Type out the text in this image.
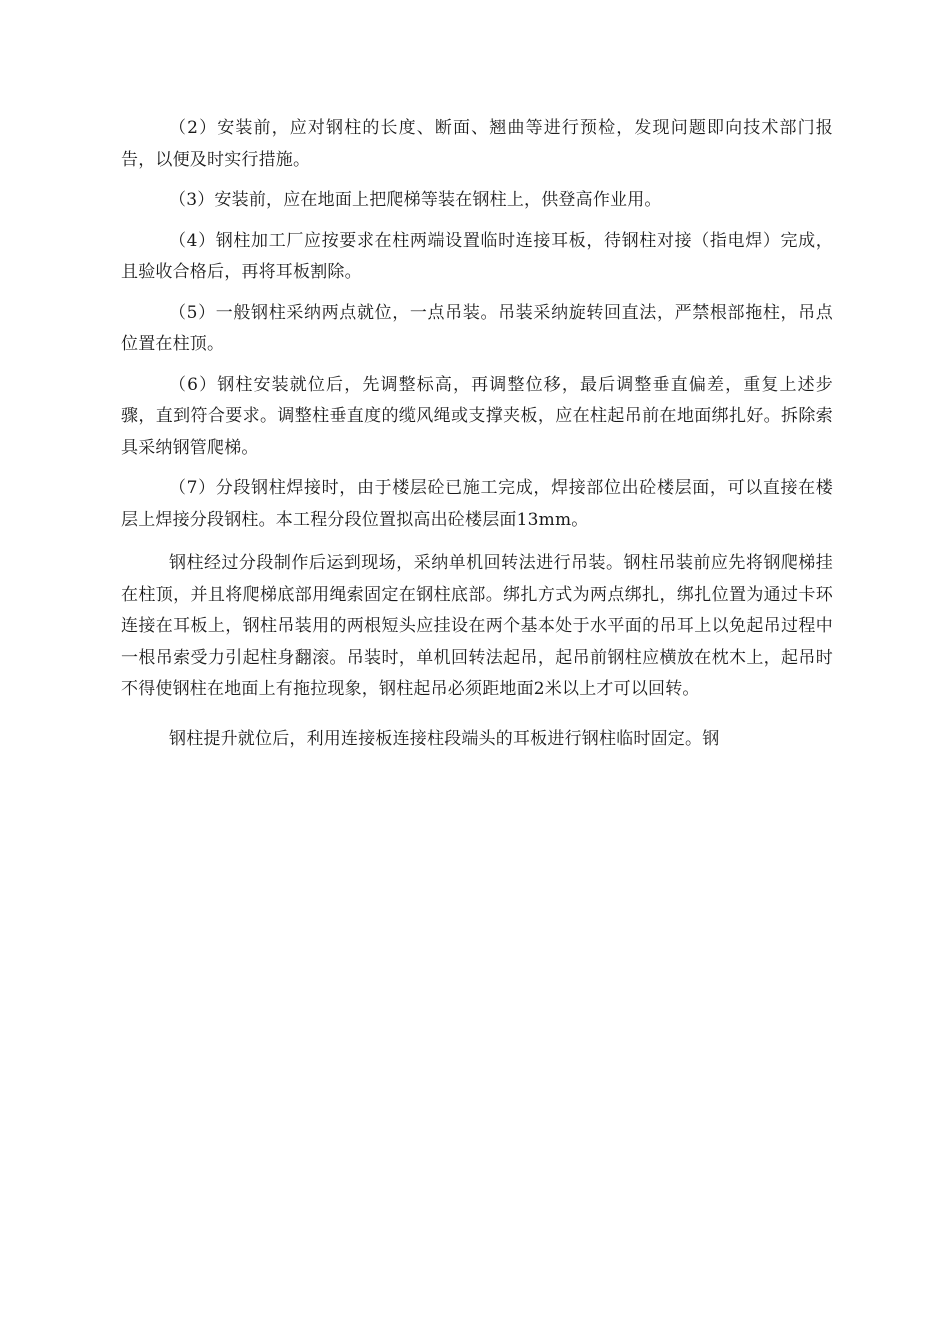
（2）安装前，应对钢柱的长度、断面、翘曲等进行预检，发现问题即向技术部门报告，以便及时实行措施。

（3）安装前，应在地面上把爬梯等装在钢柱上，供登高作业用。

（4）钢柱加工厂应按要求在柱两端设置临时连接耳板，待钢柱对接（指电焊）完成，且验收合格后，再将耳板割除。

（5）一般钢柱采纳两点就位，一点吊装。吊装采纳旋转回直法，严禁根部拖柱，吊点位置在柱顶。

（6）钢柱安装就位后，先调整标高，再调整位移，最后调整垂直偏差，重复上述步骤，直到符合要求。调整柱垂直度的缆风绳或支撑夹板，应在柱起吊前在地面绑扎好。拆除索具采纳钢管爬梯。

（7）分段钢柱焊接时，由于楼层砼已施工完成，焊接部位出砼楼层面，可以直接在楼层上焊接分段钢柱。本工程分段位置拟高出砼楼层面13mm。

钢柱经过分段制作后运到现场，采纳单机回转法进行吊装。钢柱吊装前应先将钢爬梯挂在柱顶，并且将爬梯底部用绳索固定在钢柱底部。绑扎方式为两点绑扎，绑扎位置为通过卡环连接在耳板上，钢柱吊装用的两根短头应挂设在两个基本处于水平面的吊耳上以免起吊过程中一根吊索受力引起柱身翻滚。吊装时，单机回转法起吊，起吊前钢柱应横放在枕木上，起吊时不得使钢柱在地面上有拖拉现象，钢柱起吊必须距地面2米以上才可以回转。

钢柱提升就位后，利用连接板连接柱段端头的耳板进行钢柱临时固定。钢
